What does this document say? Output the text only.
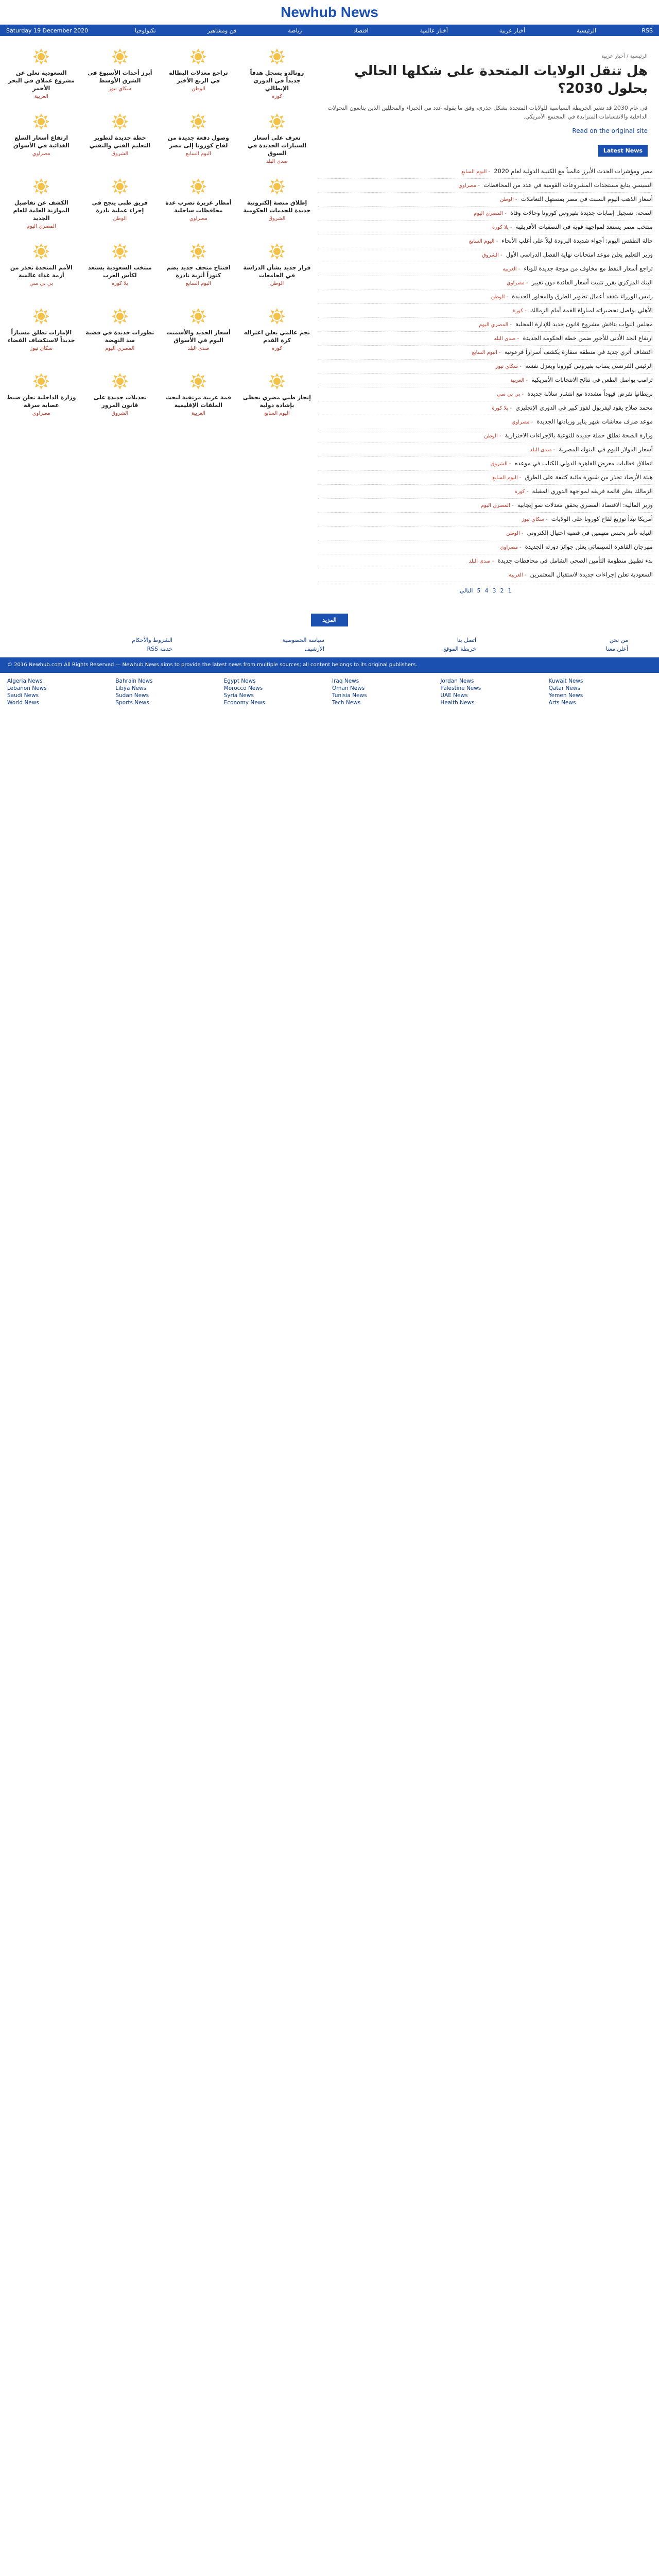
Newhub News
Saturday 19 December 2020	الرئيسية
أخبار عربية
أخبار عالمية
اقتصاد
رياضة
فن ومشاهير
تكنولوجيا	RSS
السعودية تعلن عن مشروع عملاق في البحر الأحمر
العربية
أبرز أحداث الأسبوع في الشرق الأوسط
سكاي نيوز
تراجع معدلات البطالة في الربع الأخير
الوطن
رونالدو يسجل هدفاً جديداً في الدوري الإيطالي
كورة
ارتفاع أسعار السلع الغذائية في الأسواق
مصراوي
خطة جديدة لتطوير التعليم الفني والتقني
الشروق
وصول دفعة جديدة من لقاح كورونا إلى مصر
اليوم السابع
تعرف على أسعار السيارات الجديدة في السوق
صدى البلد
الكشف عن تفاصيل الموازنة العامة للعام الجديد
المصري اليوم
فريق طبي ينجح في إجراء عملية نادرة
الوطن
أمطار غزيرة تضرب عدة محافظات ساحلية
مصراوي
إطلاق منصة إلكترونية جديدة للخدمات الحكومية
الشروق
الأمم المتحدة تحذر من أزمة غذاء عالمية
بي بي سي
منتخب السعودية يستعد لكأس العرب
يلا كورة
افتتاح متحف جديد يضم كنوزاً أثرية نادرة
اليوم السابع
قرار جديد بشأن الدراسة في الجامعات
الوطن
الإمارات تطلق مسباراً جديداً لاستكشاف الفضاء
سكاي نيوز
تطورات جديدة في قضية سد النهضة
المصري اليوم
أسعار الحديد والأسمنت اليوم في الأسواق
صدى البلد
نجم عالمي يعلن اعتزاله كرة القدم
كورة
وزارة الداخلية تعلن ضبط عصابة سرقة
مصراوي
تعديلات جديدة على قانون المرور
الشروق
قمة عربية مرتقبة لبحث الملفات الإقليمية
العربية
إنجاز طبي مصري يحظى بإشادة دولية
اليوم السابع
الرئيسية / أخبار عربية
هل تنقل الولايات المتحدة على شكلها الحالي بحلول 2030؟

في عام 2030 قد تتغير الخريطة السياسية للولايات المتحدة بشكل جذري، وفق ما يقوله عدد من الخبراء والمحللين الذين يتابعون التحولات الداخلية والانقسامات المتزايدة في المجتمع الأمريكي.

Read on the original site
Latest News
مصر ومؤشرات الحدث الأبرز عالمياً مع الكتيبة الدولية لعام 2020 - اليوم السابع
السيسي يتابع مستجدات المشروعات القومية في عدد من المحافظات - مصراوي
أسعار الذهب اليوم السبت في مصر بمستهل التعاملات - الوطن
الصحة: تسجيل إصابات جديدة بفيروس كورونا وحالات وفاة - المصري اليوم
منتخب مصر يستعد لمواجهة قوية في التصفيات الأفريقية - يلا كورة
حالة الطقس اليوم: أجواء شديدة البرودة ليلاً على أغلب الأنحاء - اليوم السابع
وزير التعليم يعلن موعد امتحانات نهاية الفصل الدراسي الأول - الشروق
تراجع أسعار النفط مع مخاوف من موجة جديدة للوباء - العربية
البنك المركزي يقرر تثبيت أسعار الفائدة دون تغيير - مصراوي
رئيس الوزراء يتفقد أعمال تطوير الطرق والمحاور الجديدة - الوطن
الأهلي يواصل تحضيراته لمباراة القمة أمام الزمالك - كورة
مجلس النواب يناقش مشروع قانون جديد للإدارة المحلية - المصري اليوم
ارتفاع الحد الأدنى للأجور ضمن خطة الحكومة الجديدة - صدى البلد
اكتشاف أثري جديد في منطقة سقارة يكشف أسراراً فرعونية - اليوم السابع
الرئيس الفرنسي يصاب بفيروس كورونا ويعزل نفسه - سكاي نيوز
ترامب يواصل الطعن في نتائج الانتخابات الأمريكية - العربية
بريطانيا تفرض قيوداً مشددة مع انتشار سلالة جديدة - بي بي سي
محمد صلاح يقود ليفربول لفوز كبير في الدوري الإنجليزي - يلا كورة
موعد صرف معاشات شهر يناير وزيادتها الجديدة - مصراوي
وزارة الصحة تطلق حملة جديدة للتوعية بالإجراءات الاحترازية - الوطن
أسعار الدولار اليوم في البنوك المصرية - صدى البلد
انطلاق فعاليات معرض القاهرة الدولي للكتاب في موعده - الشروق
هيئة الأرصاد تحذر من شبورة مائية كثيفة على الطرق - اليوم السابع
الزمالك يعلن قائمة فريقه لمواجهة الدوري المقبلة - كورة
وزير المالية: الاقتصاد المصري يحقق معدلات نمو إيجابية - المصري اليوم
أمريكا تبدأ توزيع لقاح كورونا على الولايات - سكاي نيوز
النيابة تأمر بحبس متهمين في قضية احتيال إلكتروني - الوطن
مهرجان القاهرة السينمائي يعلن جوائز دورته الجديدة - مصراوي
بدء تطبيق منظومة التأمين الصحي الشامل في محافظات جديدة - صدى البلد
السعودية تعلن إجراءات جديدة لاستقبال المعتمرين - العربية
1
2
3
4
5
التالي
المزيد
من نحن
اتصل بنا
سياسة الخصوصية
الشروط والأحكام
أعلن معنا
خريطة الموقع
الأرشيف
خدمة RSS
© 2016 Newhub.com All Rights Reserved — Newhub News aims to provide the latest news from multiple sources; all content belongs to its original publishers.
Algeria News	Bahrain News	Egypt News	Iraq News	Jordan News	Kuwait News
Lebanon News	Libya News	Morocco News	Oman News	Palestine News	Qatar News
Saudi News	Sudan News	Syria News	Tunisia News	UAE News	Yemen News
World News	Sports News	Economy News	Tech News	Health News	Arts News
